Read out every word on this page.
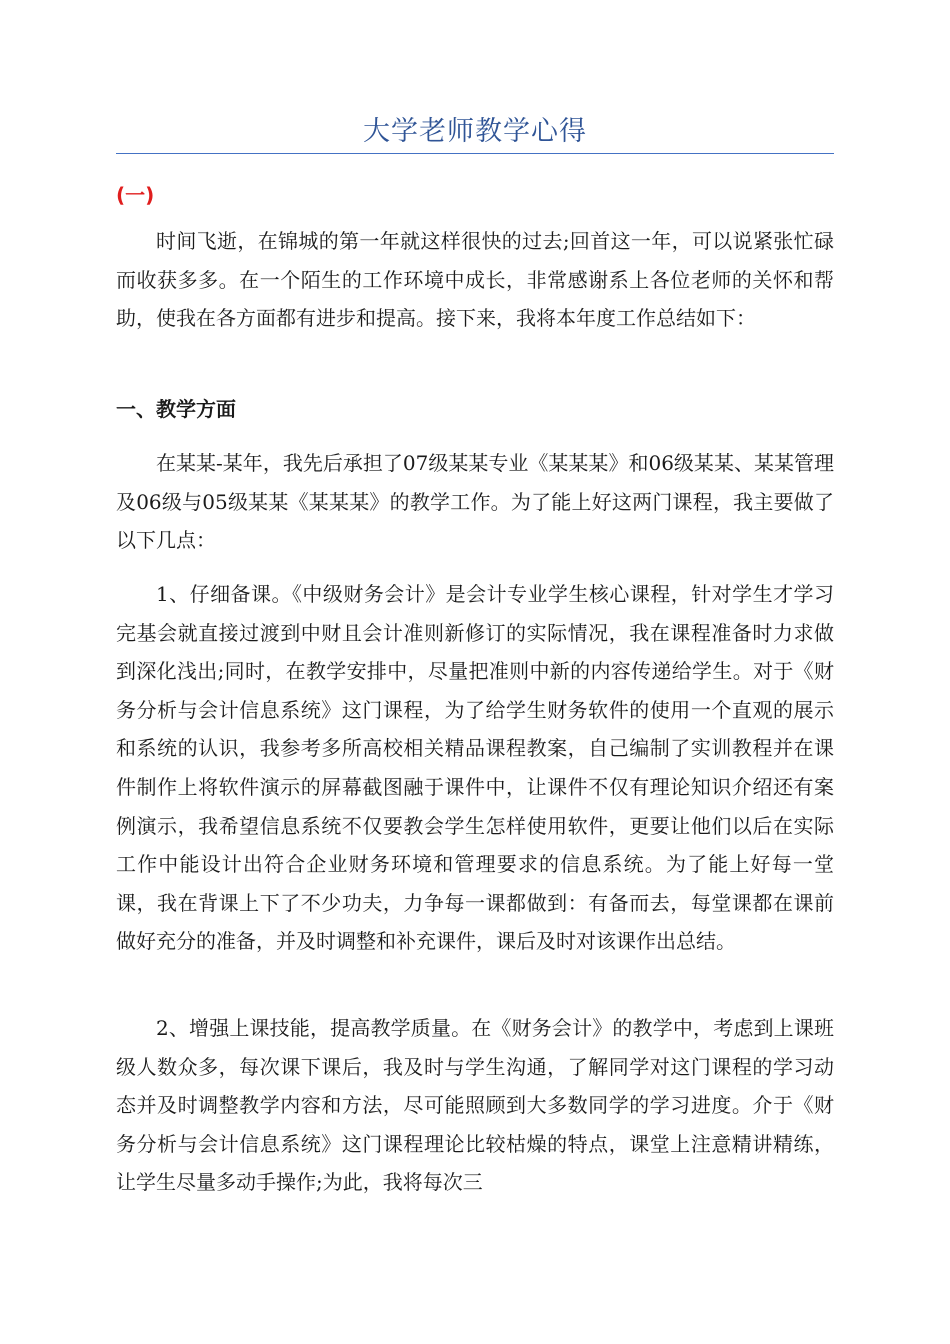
大学老师教学心得
(一)

时间飞逝，在锦城的第一年就这样很快的过去;回首这一年，可以说紧张忙碌而收获多多。在一个陌生的工作环境中成长，非常感谢系上各位老师的关怀和帮助，使我在各方面都有进步和提高。接下来，我将本年度工作总结如下：

一、教学方面

在某某-某年，我先后承担了07级某某专业《某某某》和06级某某、某某管理及06级与05级某某《某某某》的教学工作。为了能上好这两门课程，我主要做了以下几点：

1、仔细备课。《中级财务会计》是会计专业学生核心课程，针对学生才学习完基会就直接过渡到中财且会计准则新修订的实际情况，我在课程准备时力求做到深化浅出;同时，在教学安排中，尽量把准则中新的内容传递给学生。对于《财务分析与会计信息系统》这门课程，为了给学生财务软件的使用一个直观的展示和系统的认识，我参考多所高校相关精品课程教案，自己编制了实训教程并在课件制作上将软件演示的屏幕截图融于课件中，让课件不仅有理论知识介绍还有案例演示，我希望信息系统不仅要教会学生怎样使用软件，更要让他们以后在实际工作中能设计出符合企业财务环境和管理要求的信息系统。为了能上好每一堂课，我在背课上下了不少功夫，力争每一课都做到：有备而去，每堂课都在课前做好充分的准备，并及时调整和补充课件，课后及时对该课作出总结。

2、增强上课技能，提高教学质量。在《财务会计》的教学中，考虑到上课班级人数众多，每次课下课后，我及时与学生沟通，了解同学对这门课程的学习动态并及时调整教学内容和方法，尽可能照顾到大多数同学的学习进度。介于《财务分析与会计信息系统》这门课程理论比较枯燥的特点，课堂上注意精讲精练，让学生尽量多动手操作;为此，我将每次三
